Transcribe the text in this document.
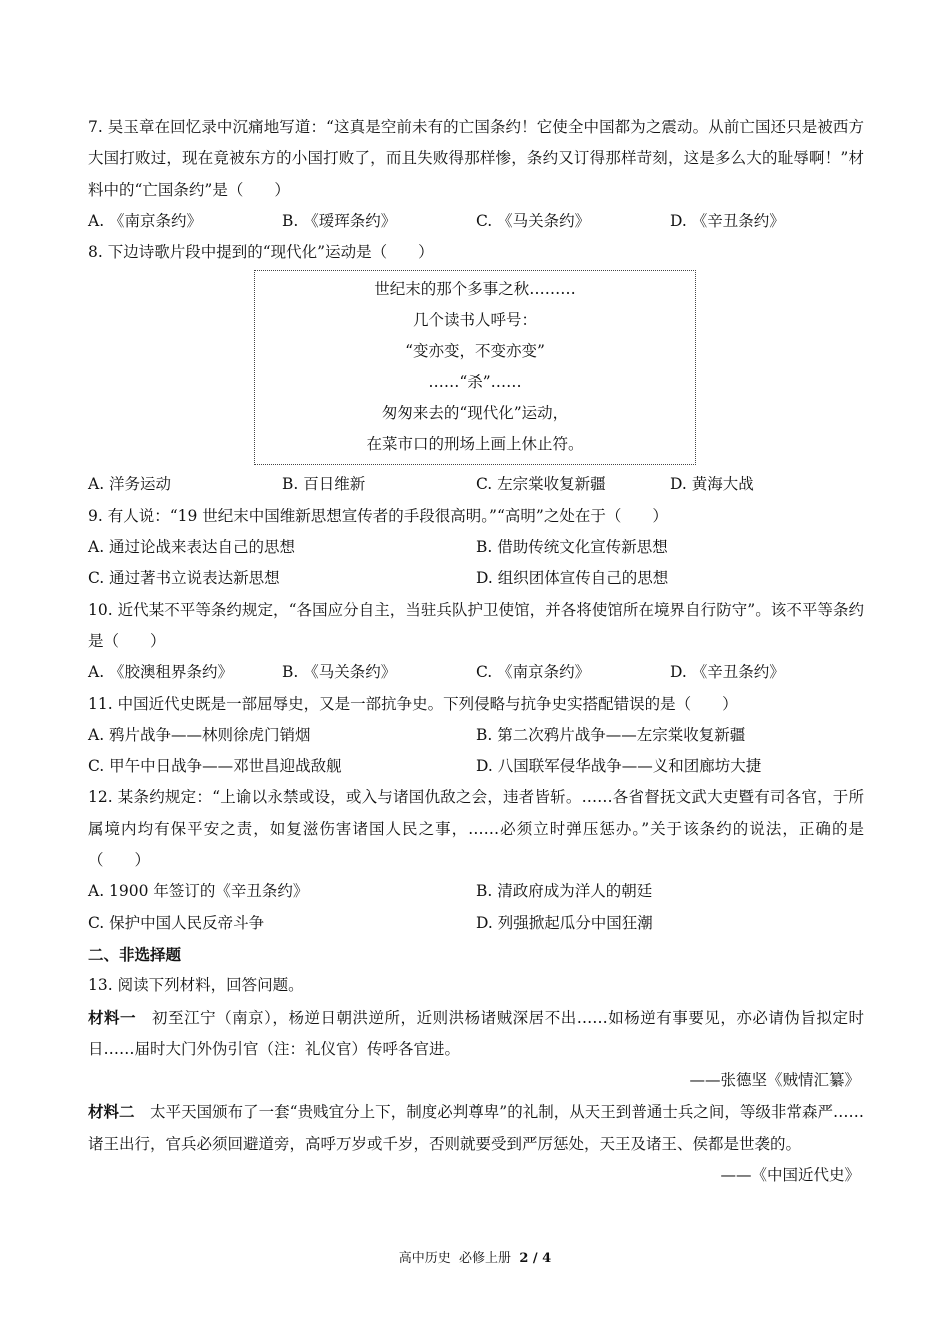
7. 吴玉章在回忆录中沉痛地写道：“这真是空前未有的亡国条约！它使全中国都为之震动。从前亡国还只是被西方大国打败过，现在竟被东方的小国打败了，而且失败得那样惨，条约又订得那样苛刻，这是多么大的耻辱啊！”材料中的“亡国条约”是（　　）
A. 《南京条约》	B. 《瑷珲条约》	C. 《马关条约》	D. 《辛丑条约》
8. 下边诗歌片段中提到的“现代化”运动是（　　）
世纪末的那个多事之秋………
几个读书人呼号：
“变亦变，不变亦变”
……“杀”……
匆匆来去的“现代化”运动，
在菜市口的刑场上画上休止符。
A. 洋务运动	B. 百日维新	C. 左宗棠收复新疆	D. 黄海大战
9. 有人说：“19 世纪末中国维新思想宣传者的手段很高明。”“高明”之处在于（　　）
A. 通过论战来表达自己的思想	B. 借助传统文化宣传新思想
C. 通过著书立说表达新思想	D. 组织团体宣传自己的思想
10. 近代某不平等条约规定，“各国应分自主，当驻兵队护卫使馆，并各将使馆所在境界自行防守”。该不平等条约是（　　）
A. 《胶澳租界条约》	B. 《马关条约》	C. 《南京条约》	D. 《辛丑条约》
11. 中国近代史既是一部屈辱史，又是一部抗争史。下列侵略与抗争史实搭配错误的是（　　）
A. 鸦片战争——林则徐虎门销烟	B. 第二次鸦片战争——左宗棠收复新疆
C. 甲午中日战争——邓世昌迎战敌舰	D. 八国联军侵华战争——义和团廊坊大捷
12. 某条约规定：“上谕以永禁或设，或入与诸国仇敌之会，违者皆斩。……各省督抚文武大吏暨有司各官，于所属境内均有保平安之责，如复滋伤害诸国人民之事，……必须立时弹压惩办。”关于该条约的说法，正确的是（　　）
A. 1900 年签订的《辛丑条约》	B. 清政府成为洋人的朝廷
C. 保护中国人民反帝斗争	D. 列强掀起瓜分中国狂潮
二、非选择题
13. 阅读下列材料，回答问题。
材料一  初至江宁（南京），杨逆日朝洪逆所，近则洪杨诸贼深居不出……如杨逆有事要见，亦必请伪旨拟定时日……届时大门外伪引官（注：礼仪官）传呼各官进。
——张德坚《贼情汇纂》
材料二  太平天国颁布了一套“贵贱宜分上下，制度必判尊卑”的礼制，从天王到普通士兵之间，等级非常森严……诸王出行，官兵必须回避道旁，高呼万岁或千岁，否则就要受到严厉惩处，天王及诸王、侯都是世袭的。
——《中国近代史》
高中历史  必修上册  2 / 4
